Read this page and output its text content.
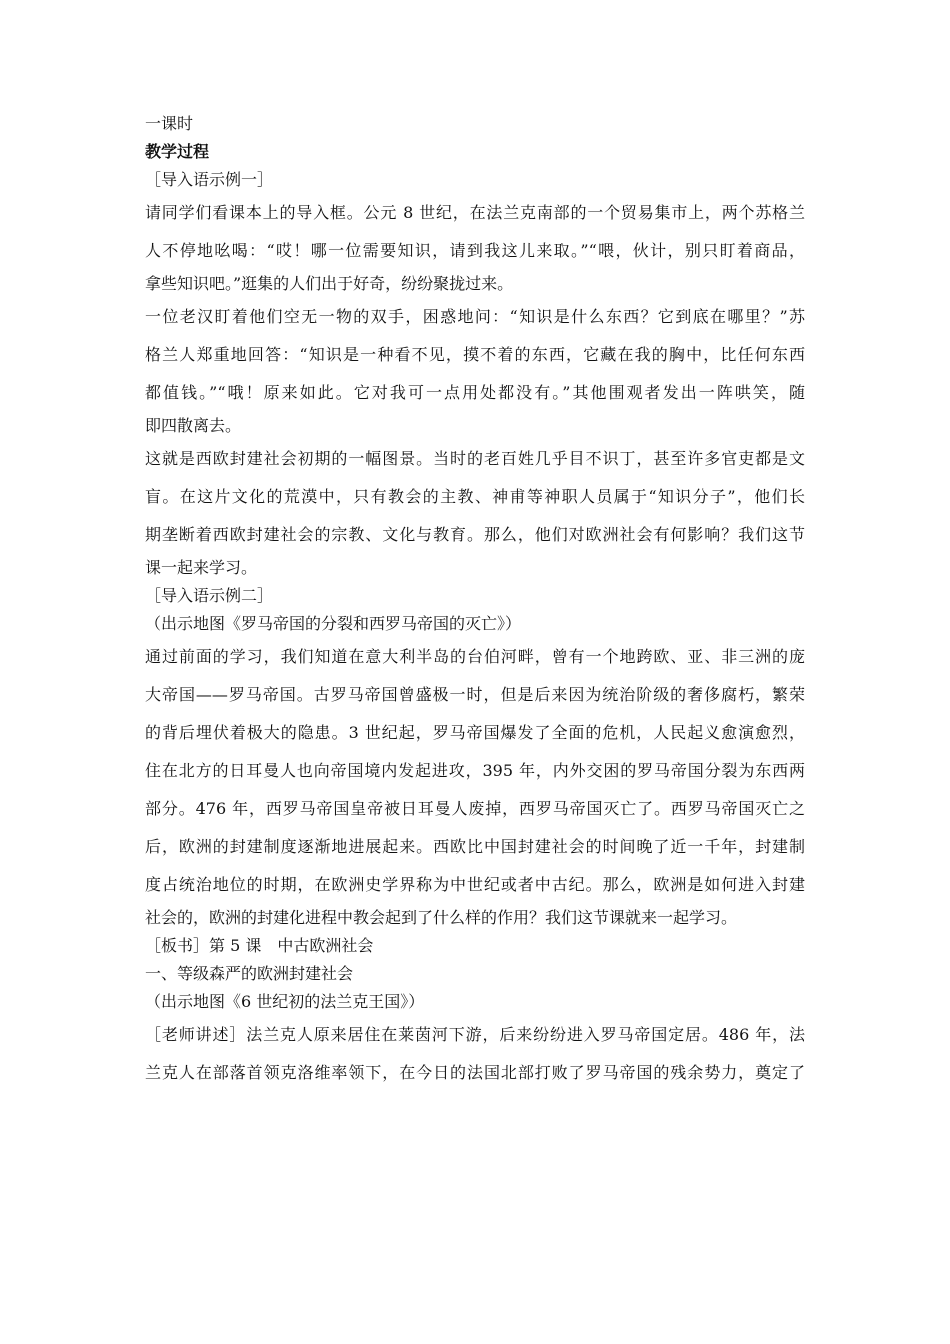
一课时
教学过程
［导入语示例一］
请同学们看课本上的导入框。公元 8 世纪，在法兰克南部的一个贸易集市上，两个苏格兰
人不停地吆喝：“哎！哪一位需要知识，请到我这儿来取。”“喂，伙计，别只盯着商品，
拿些知识吧。”逛集的人们出于好奇，纷纷聚拢过来。
一位老汉盯着他们空无一物的双手，困惑地问：“知识是什么东西？它到底在哪里？”苏
格兰人郑重地回答：“知识是一种看不见，摸不着的东西，它藏在我的胸中，比任何东西
都值钱。”“哦！原来如此。它对我可一点用处都没有。”其他围观者发出一阵哄笑，随
即四散离去。
这就是西欧封建社会初期的一幅图景。当时的老百姓几乎目不识丁，甚至许多官吏都是文
盲。在这片文化的荒漠中，只有教会的主教、神甫等神职人员属于“知识分子”，他们长
期垄断着西欧封建社会的宗教、文化与教育。那么，他们对欧洲社会有何影响？我们这节
课一起来学习。
［导入语示例二］
（出示地图《罗马帝国的分裂和西罗马帝国的灭亡》）
通过前面的学习，我们知道在意大利半岛的台伯河畔，曾有一个地跨欧、亚、非三洲的庞
大帝国——罗马帝国。古罗马帝国曾盛极一时，但是后来因为统治阶级的奢侈腐朽，繁荣
的背后埋伏着极大的隐患。3 世纪起，罗马帝国爆发了全面的危机，人民起义愈演愈烈，
住在北方的日耳曼人也向帝国境内发起进攻，395 年，内外交困的罗马帝国分裂为东西两
部分。476 年，西罗马帝国皇帝被日耳曼人废掉，西罗马帝国灭亡了。西罗马帝国灭亡之
后，欧洲的封建制度逐渐地进展起来。西欧比中国封建社会的时间晚了近一千年，封建制
度占统治地位的时期，在欧洲史学界称为中世纪或者中古纪。那么，欧洲是如何进入封建
社会的，欧洲的封建化进程中教会起到了什么样的作用？我们这节课就来一起学习。
［板书］第 5 课　中古欧洲社会
一、等级森严的欧洲封建社会
（出示地图《6 世纪初的法兰克王国》）
［老师讲述］法兰克人原来居住在莱茵河下游，后来纷纷进入罗马帝国定居。486 年，法
兰克人在部落首领克洛维率领下，在今日的法国北部打败了罗马帝国的残余势力，奠定了
